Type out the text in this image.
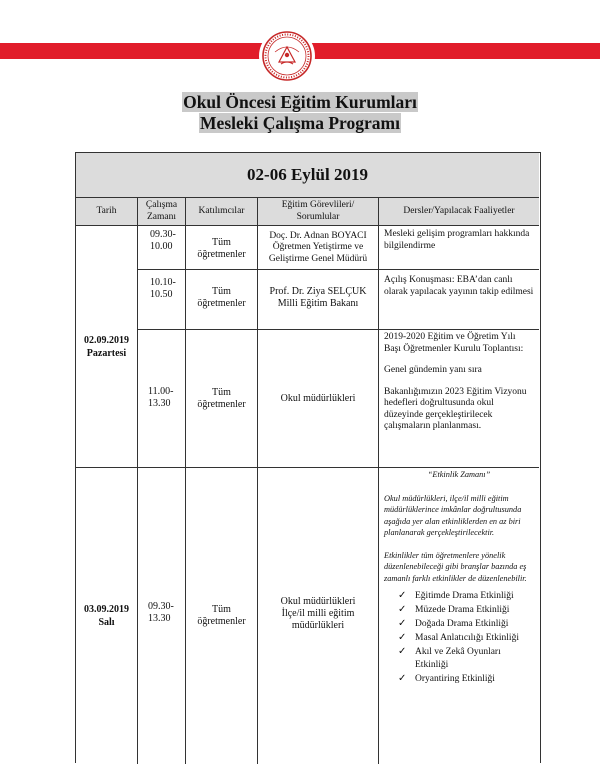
Okul Öncesi Eğitim Kurumları
Mesleki Çalışma Programı
02-06 Eylül 2019
Tarih
Çalışma Zamanı
Katılımcılar
Eğitim Görevlileri/ Sorumlular
Dersler/Yapılacak Faaliyetler
02.09.2019
Pazartesi
09.30- 10.00	Tüm öğretmenler
Doç. Dr. Adnan BOYACI Öğretmen Yetiştirme ve Geliştirme Genel Müdürü
Mesleki gelişim programları hakkında bilgilendirme
10.10- 10.50	Tüm öğretmenler
Prof. Dr. Ziya SELÇUK Milli Eğitim Bakanı
Açılış Konuşması: EBA’dan canlı olarak yapılacak yayının takip edilmesi
11.00- 13.30
Tüm öğretmenler
Okul müdürlükleri

2019-2020 Eğitim ve Öğretim Yılı Başı Öğretmenler Kurulu Toplantısı:

Genel gündemin yanı sıra

Bakanlığımızın 2023 Eğitim Vizyonu hedefleri doğrultusunda okul düzeyinde gerçekleştirilecek çalışmaların planlanması.

03.09.2019
Salı
09.30- 13.30
Tüm öğretmenler
Okul müdürlükleri İlçe/il milli eğitim müdürlükleri
“Etkinlik Zamanı”
Okul müdürlükleri, ilçe/il milli eğitim müdürlüklerince imkânlar doğrultusunda aşağıda yer alan etkinliklerden en az biri planlanarak gerçekleştirilecektir.
Etkinlikler tüm öğretmenlere yönelik düzenlenebileceği gibi branşlar bazında eş zamanlı farklı etkinlikler de düzenlenebilir.
✓ Eğitimde Drama Etkinliği
✓ Müzede Drama Etkinliği
✓ Doğada Drama Etkinliği
✓ Masal Anlatıcılığı Etkinliği
✓ Akıl ve Zekâ Oyunları Etkinliği
✓ Oryantiring Etkinliği
